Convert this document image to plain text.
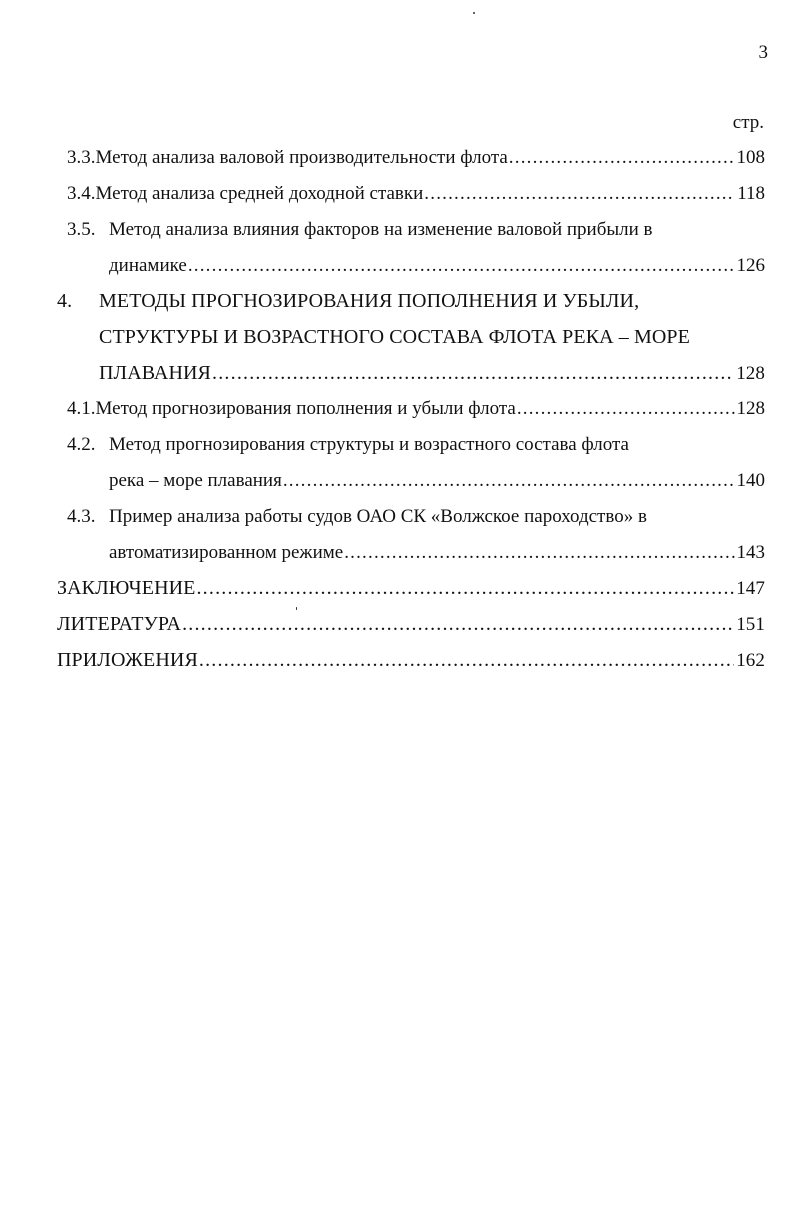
3
стр.
3.3. Метод анализа валовой производительности флота .....	108
3.4. Метод анализа средней доходной ставки .....	118
3.5. Метод анализа влияния факторов на изменение валовой прибыли в
динамике .....	126
4.	МЕТОДЫ ПРОГНОЗИРОВАНИЯ ПОПОЛНЕНИЯ И УБЫЛИ,
СТРУКТУРЫ И ВОЗРАСТНОГО СОСТАВА ФЛОТА РЕКА – МОРЕ
ПЛАВАНИЯ .....	128
4.1. Метод прогнозирования пополнения и убыли флота .....	128
4.2. Метод прогнозирования структуры и возрастного состава флота
река – море плавания .....	140
4.3. Пример анализа работы судов ОАО СК «Волжское пароходство» в
автоматизированном режиме .....	143
ЗАКЛЮЧЕНИЕ .....	147
ЛИТЕРАТУРА .....	151
ПРИЛОЖЕНИЯ .....	162
